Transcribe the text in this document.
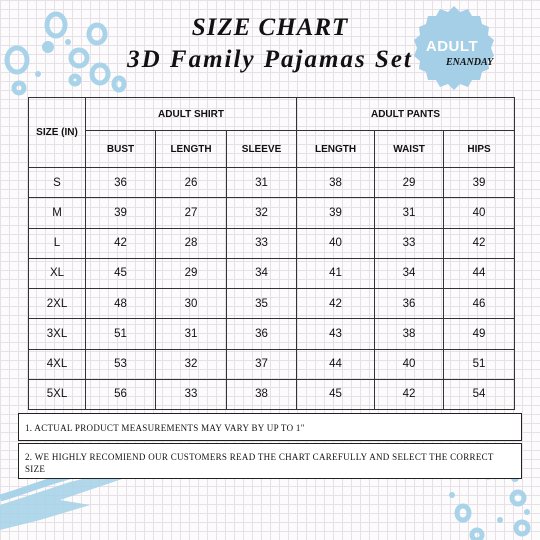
ADULT
ENANDAY
SIZE CHART
3D Family Pajamas Set
SIZE (IN)	ADULT SHIRT			ADULT PANTS		
	BUST	LENGTH	SLEEVE	LENGTH	WAIST	HIPS
S	36	26	31	38	29	39
M	39	27	32	39	31	40
L	42	28	33	40	33	42
XL	45	29	34	41	34	44
2XL	48	30	35	42	36	46
3XL	51	31	36	43	38	49
4XL	53	32	37	44	40	51
5XL	56	33	38	45	42	54
1. ACTUAL PRODUCT MEASUREMENTS MAY VARY BY UP TO 1"
2. WE HIGHLY RECOMIEND OUR CUSTOMERS READ THE CHART CAREFULLY AND SELECT THE CORRECT SIZE
